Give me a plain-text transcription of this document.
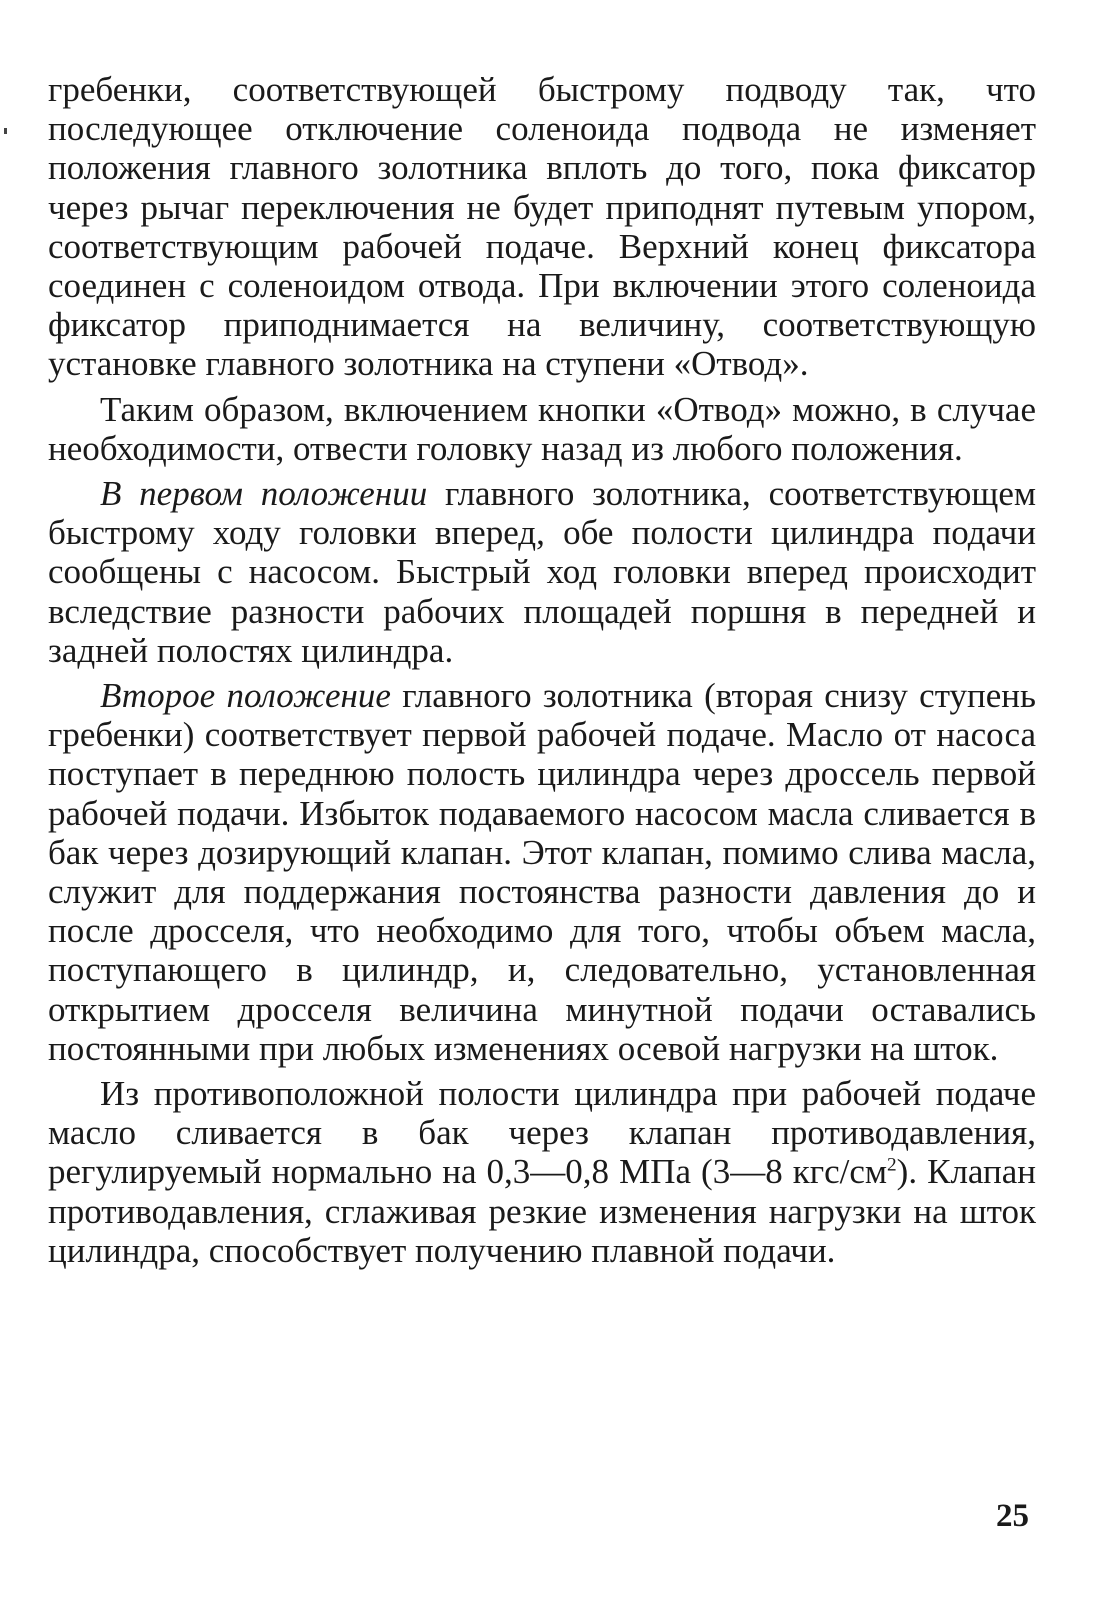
гребенки, соответствующей быстрому подводу так, что последующее отключение соленоида подвода не изменяет положения главного золотника вплоть до того, пока фиксатор через рычаг переключения не будет приподнят путевым упором, соответствующим рабочей подаче. Верхний конец фиксатора соединен с соленоидом отвода. При включении этого соленоида фиксатор приподнимается на величину, соответствующую установке главного золотника на ступени «Отвод».

Таким образом, включением кнопки «Отвод» можно, в случае необходимости, отвести головку назад из любого положения.

В первом положении главного золотника, соответствующем быстрому ходу головки вперед, обе полости цилиндра подачи сообщены с насосом. Быстрый ход головки вперед происходит вследствие разности рабочих площадей поршня в передней и задней полостях цилиндра.

Второе положение главного золотника (вторая снизу ступень гребенки) соответствует первой рабочей подаче. Масло от насоса поступает в переднюю полость цилиндра через дроссель первой рабочей подачи. Избыток подаваемого насосом масла сливается в бак через дозирующий клапан. Этот клапан, помимо слива масла, служит для поддержания постоянства разности давления до и после дросселя, что необходимо для того, чтобы объем масла, поступающего в цилиндр, и, следовательно, установленная открытием дросселя величина минутной подачи оставались постоянными при любых изменениях осевой нагрузки на шток.

Из противоположной полости цилиндра при рабочей подаче масло сливается в бак через клапан противодавления, регулируемый нормально на 0,3—0,8 МПа (3—8 кгс/$см^2$). Клапан противодавления, сглаживая резкие изменения нагрузки на шток цилиндра, способствует получению плавной подачи.

25
